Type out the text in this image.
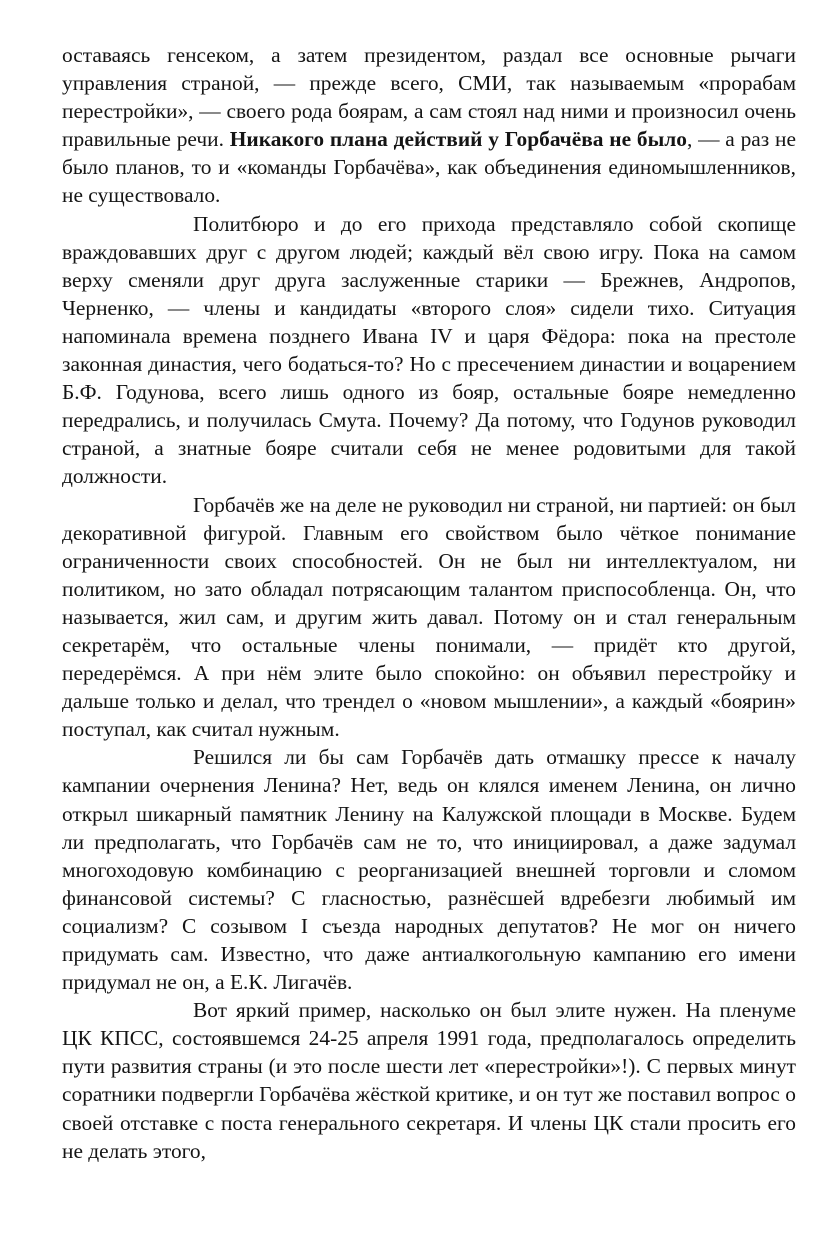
оставаясь генсеком, а затем президентом, раздал все основные рычаги управления страной, — прежде всего, СМИ, так называемым «прорабам перестройки», — своего рода боярам, а сам стоял над ними и произносил очень правильные речи. Никакого плана действий у Горбачёва не было, — а раз не было планов, то и «команды Горбачёва», как объединения единомышленников, не существовало.

Политбюро и до его прихода представляло собой скопище враждовавших друг с другом людей; каждый вёл свою игру. Пока на самом верху сменяли друг друга заслуженные старики — Брежнев, Андропов, Черненко, — члены и кандидаты «второго слоя» сидели тихо. Ситуация напоминала времена позднего Ивана IV и царя Фёдора: пока на престоле законная династия, чего бодаться-то? Но с пресечением династии и воцарением Б.Ф. Годунова, всего лишь одного из бояр, остальные бояре немедленно передрались, и получилась Смута. Почему? Да потому, что Годунов руководил страной, а знатные бояре считали себя не менее родовитыми для такой должности.

Горбачёв же на деле не руководил ни страной, ни партией: он был декоративной фигурой. Главным его свойством было чёткое понимание ограниченности своих способностей. Он не был ни интеллектуалом, ни политиком, но зато обладал потрясающим талантом приспособленца. Он, что называется, жил сам, и другим жить давал. Потому он и стал генеральным секретарём, что остальные члены понимали, — придёт кто другой, передерёмся. А при нём элите было спокойно: он объявил перестройку и дальше только и делал, что трендел о «новом мышлении», а каждый «боярин» поступал, как считал нужным.

Решился ли бы сам Горбачёв дать отмашку прессе к началу кампании очернения Ленина? Нет, ведь он клялся именем Ленина, он лично открыл шикарный памятник Ленину на Калужской площади в Москве. Будем ли предполагать, что Горбачёв сам не то, что инициировал, а даже задумал многоходовую комбинацию с реорганизацией внешней торговли и сломом финансовой системы? С гласностью, разнёсшей вдребезги любимый им социализм? С созывом I съезда народных депутатов? Не мог он ничего придумать сам. Известно, что даже антиалкогольную кампанию его имени придумал не он, а Е.К. Лигачёв.

Вот яркий пример, насколько он был элите нужен. На пленуме ЦК КПСС, состоявшемся 24-25 апреля 1991 года, предполагалось определить пути развития страны (и это после шести лет «перестройки»!). С первых минут соратники подвергли Горбачёва жёсткой критике, и он тут же поставил вопрос о своей отставке с поста генерального секретаря. И члены ЦК стали просить его не делать этого,
